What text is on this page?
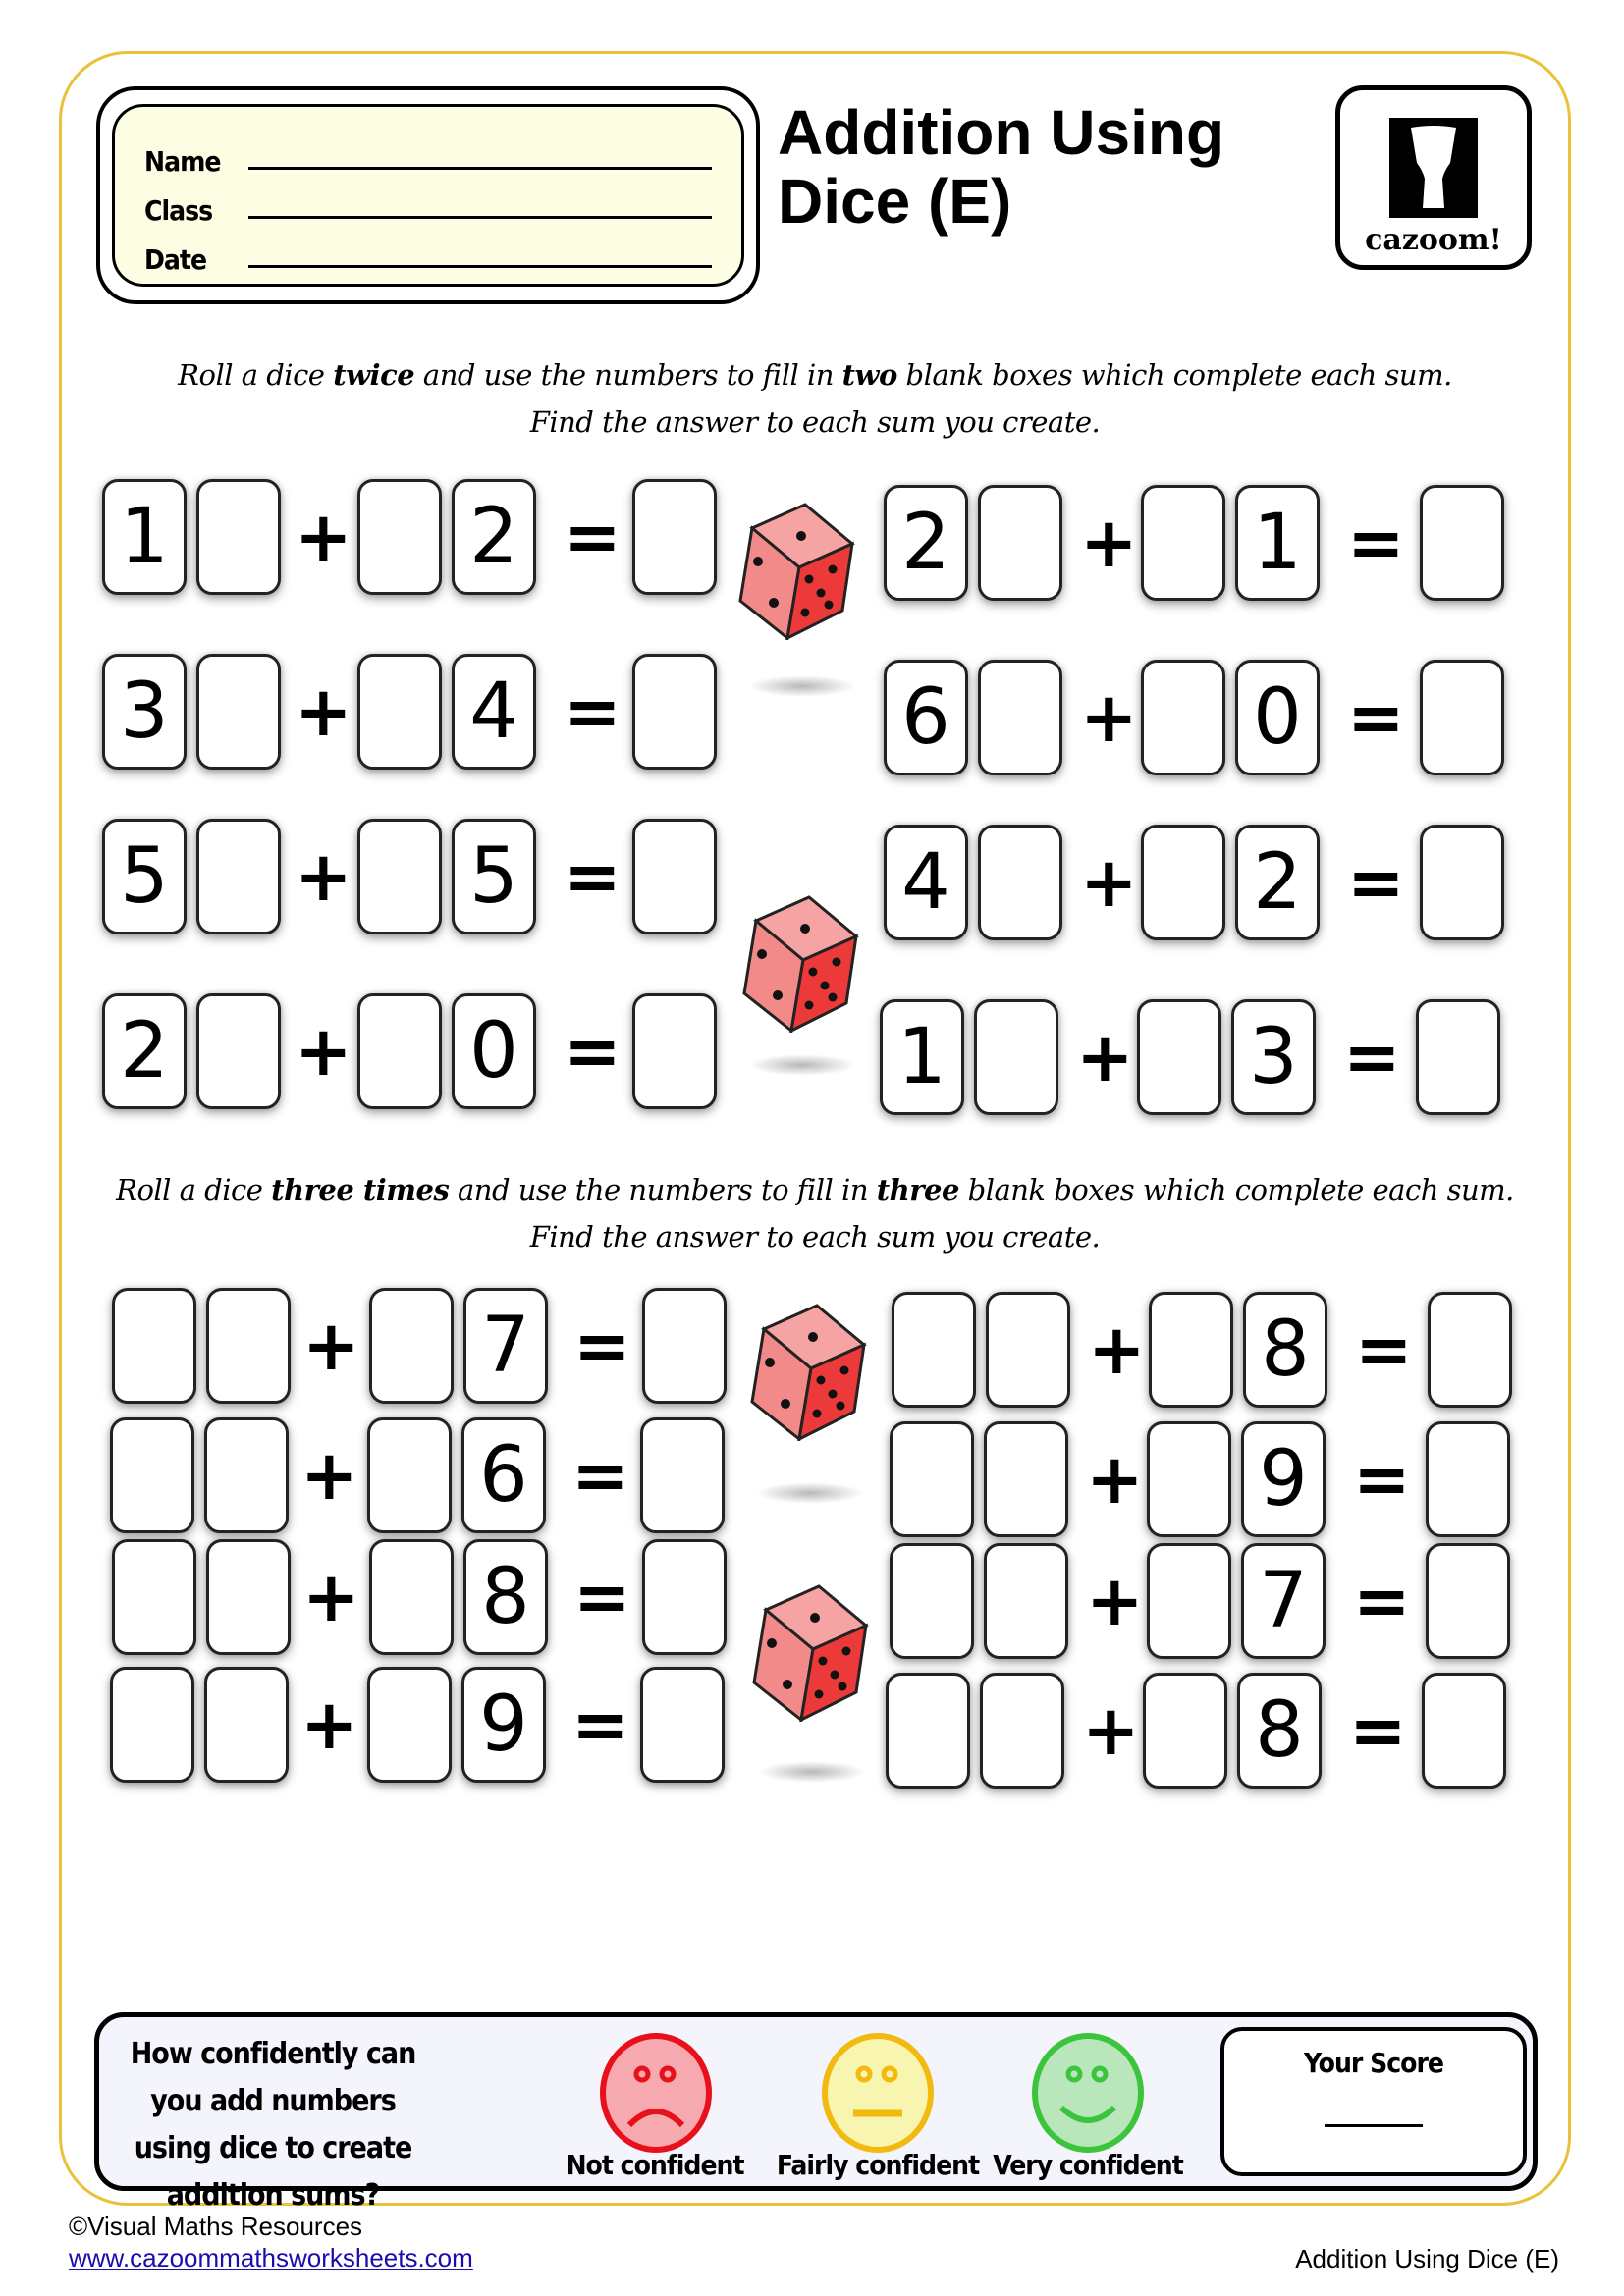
Name
Class
Date
Addition Using
Dice (E)
cazoom!
Roll a dice twice and use the numbers to fill in two blank boxes which complete each sum.
Find the answer to each sum you create.
1 + 2 =
3 + 4 =
5 + 5 =
2 + 0 =
2 + 1 =
6 + 0 =
4 + 2 =
1 + 3 =
Roll a dice three times and use the numbers to fill in three blank boxes which complete each sum.
Find the answer to each sum you create.
+ 7 =
+ 6 =
+ 8 =
+ 9 =
+ 8 =
+ 9 =
+ 7 =
+ 8 =
How confidently can you add numbers using dice to create addition sums?
Not confident	Fairly confident Very confident
Your Score
©Visual Maths Resources
www.cazoommathsworksheets.com	Addition Using Dice (E)
